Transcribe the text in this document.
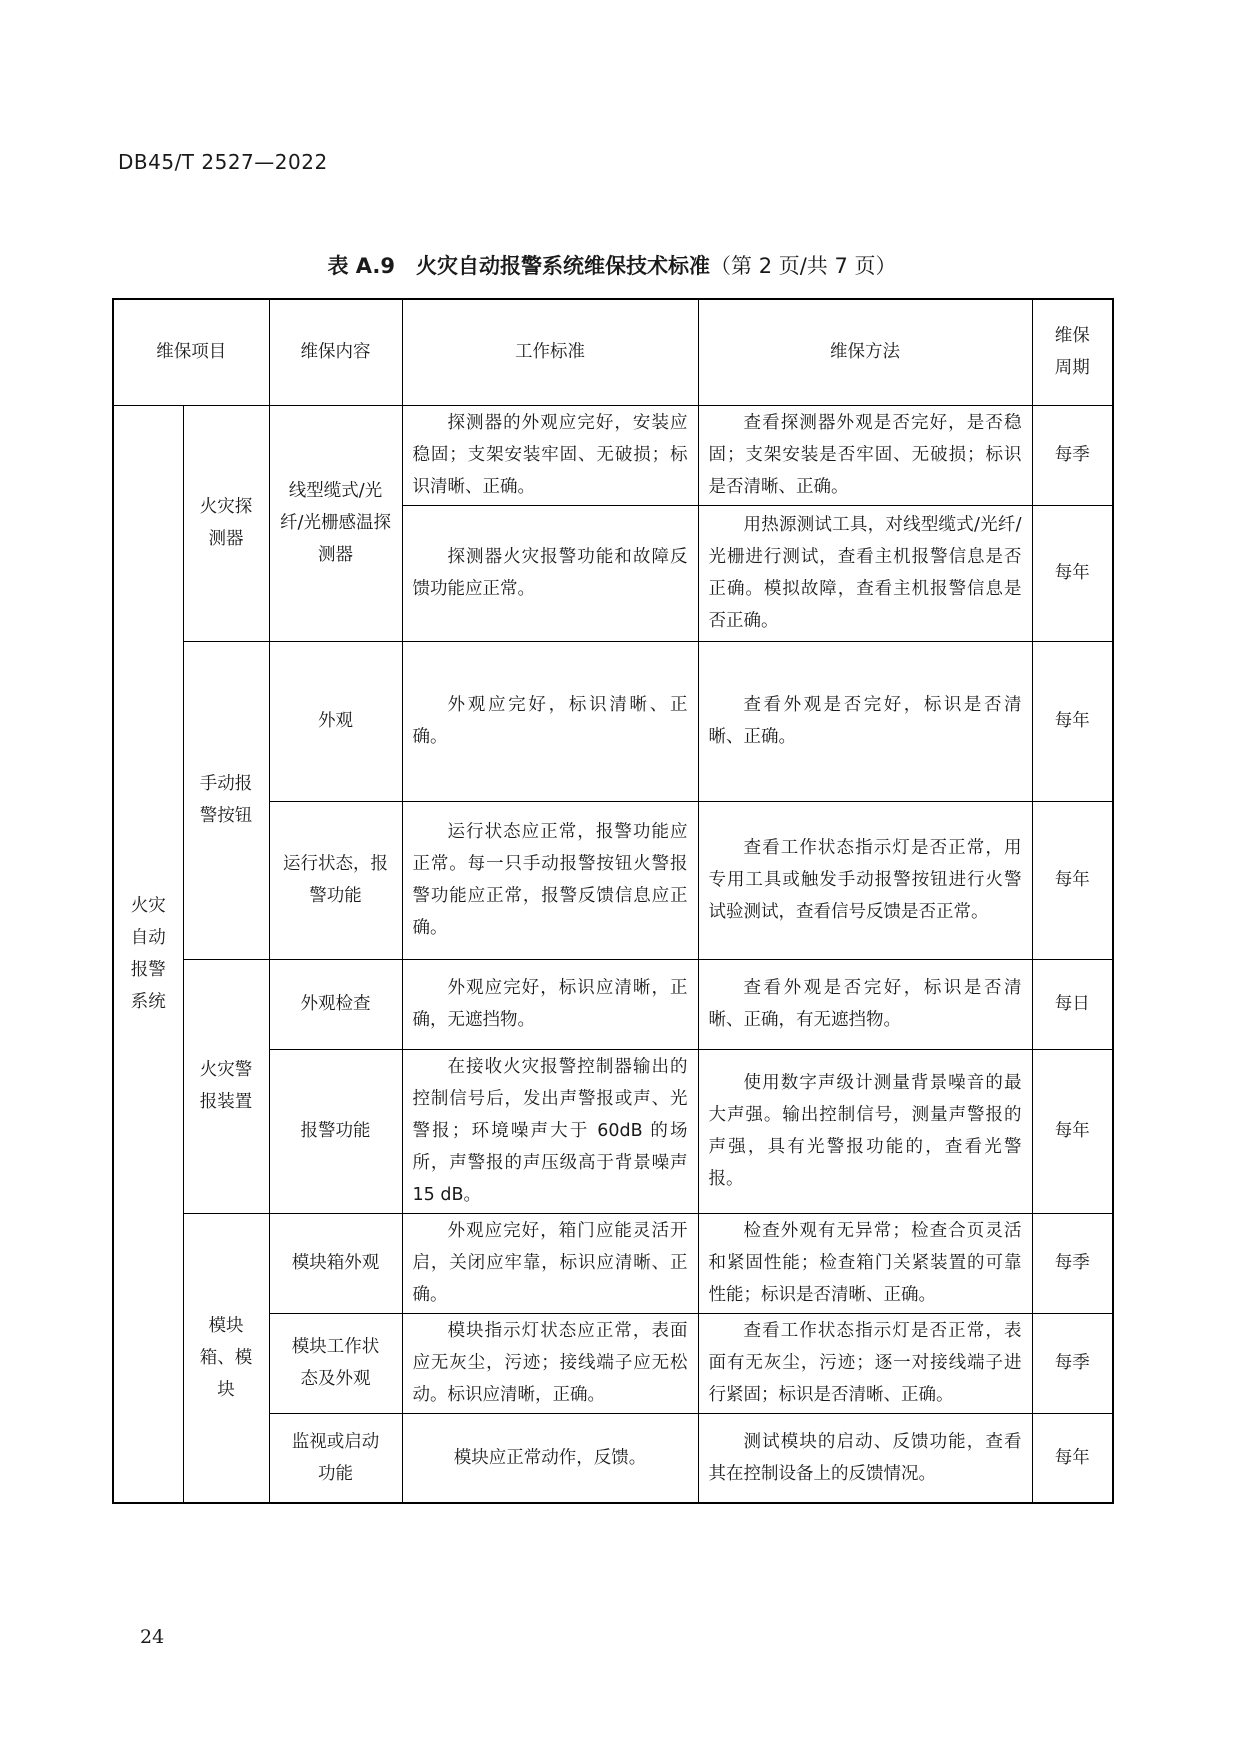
DB45/T 2527—2022
表 A.9　火灾自动报警系统维保技术标准（第 2 页/共 7 页）
维保项目		维保内容	工作标准	维保方法	维保周期
火灾自动报警系统	火灾探测器	线型缆式/光纤/光栅感温探测器	探测器的外观应完好，安装应稳固；支架安装牢固、无破损；标识清晰、正确。	查看探测器外观是否完好，是否稳固；支架安装是否牢固、无破损；标识是否清晰、正确。	每季
			探测器火灾报警功能和故障反馈功能应正常。	用热源测试工具，对线型缆式/光纤/光栅进行测试，查看主机报警信息是否正确。模拟故障，查看主机报警信息是否正确。	每年
	手动报警按钮	外观	外观应完好，标识清晰、正确。	查看外观是否完好，标识是否清晰、正确。	每年
		运行状态，报警功能	运行状态应正常，报警功能应正常。每一只手动报警按钮火警报警功能应正常，报警反馈信息应正确。	查看工作状态指示灯是否正常，用专用工具或触发手动报警按钮进行火警试验测试，查看信号反馈是否正常。	每年
	火灾警报装置	外观检查	外观应完好，标识应清晰，正确，无遮挡物。	查看外观是否完好，标识是否清晰、正确，有无遮挡物。	每日
		报警功能	在接收火灾报警控制器输出的控制信号后，发出声警报或声、光警报；环境噪声大于 60dB 的场所，声警报的声压级高于背景噪声 15 dB。	使用数字声级计测量背景噪音的最大声强。输出控制信号，测量声警报的声强，具有光警报功能的，查看光警报。	每年
	模块箱、模块	模块箱外观	外观应完好，箱门应能灵活开启，关闭应牢靠，标识应清晰、正确。	检查外观有无异常；检查合页灵活和紧固性能；检查箱门关紧装置的可靠性能；标识是否清晰、正确。	每季
		模块工作状态及外观	模块指示灯状态应正常，表面应无灰尘，污迹；接线端子应无松动。标识应清晰，正确。	查看工作状态指示灯是否正常，表面有无灰尘，污迹；逐一对接线端子进行紧固；标识是否清晰、正确。	每季
		监视或启动功能	模块应正常动作，反馈。	测试模块的启动、反馈功能，查看其在控制设备上的反馈情况。	每年
24
